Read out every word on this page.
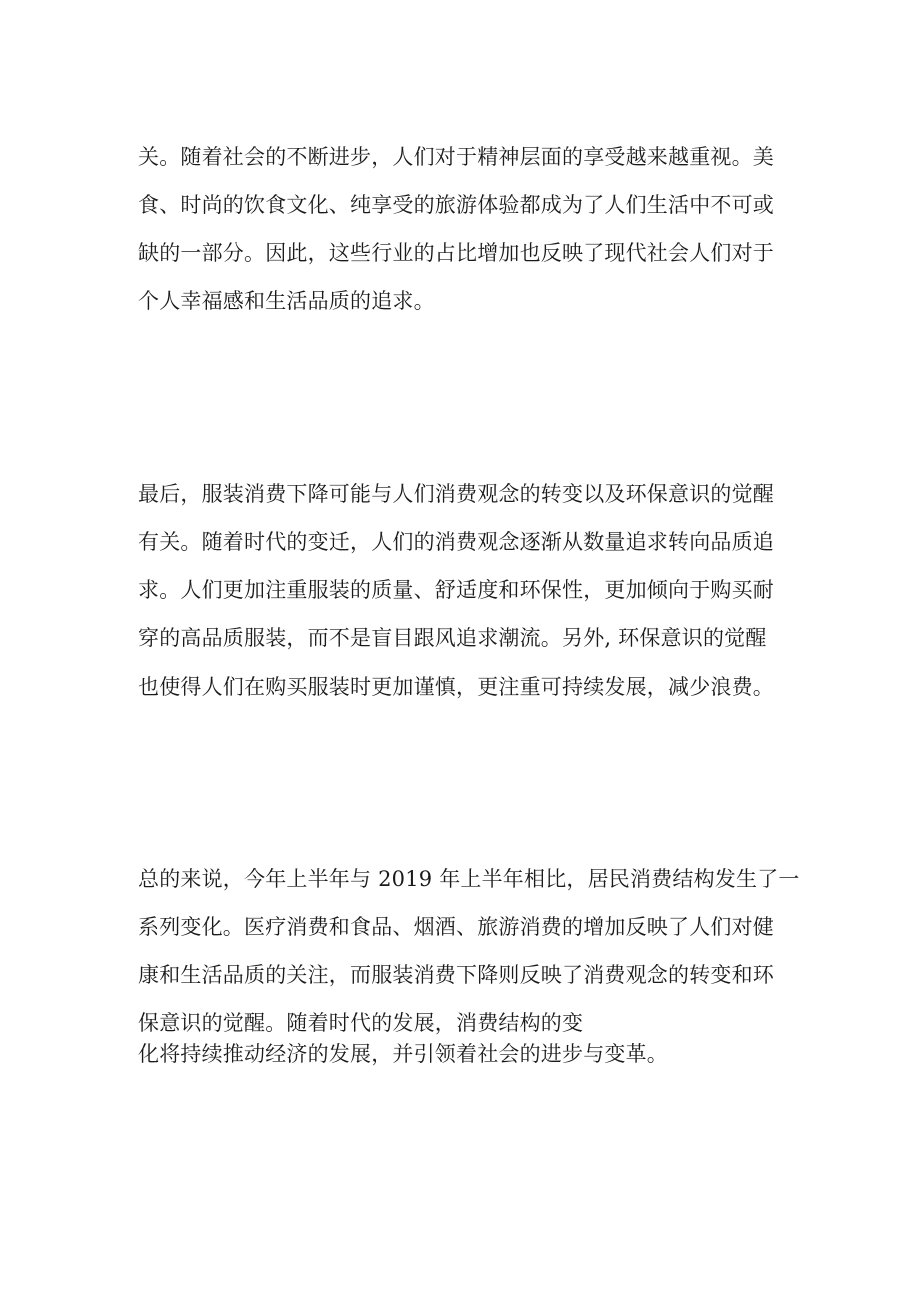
关。随着社会的不断进步，人们对于精神层面的享受越来越重视。美
食、时尚的饮食文化、纯享受的旅游体验都成为了人们生活中不可或
缺的一部分。因此，这些行业的占比增加也反映了现代社会人们对于
个人幸福感和生活品质的追求。
最后，服装消费下降可能与人们消费观念的转变以及环保意识的觉醒
有关。随着时代的变迁，人们的消费观念逐渐从数量追求转向品质追
求。人们更加注重服装的质量、舒适度和环保性，更加倾向于购买耐
穿的高品质服装，而不是盲目跟风追求潮流。另外, 环保意识的觉醒
也使得人们在购买服装时更加谨慎，更注重可持续发展，减少浪费。
总的来说，今年上半年与 2019 年上半年相比，居民消费结构发生了一
系列变化。医疗消费和食品、烟酒、旅游消费的增加反映了人们对健
康和生活品质的关注，而服装消费下降则反映了消费观念的转变和环
保意识的觉醒。随着时代的发展，消费结构的变
化将持续推动经济的发展，并引领着社会的进步与变革。
